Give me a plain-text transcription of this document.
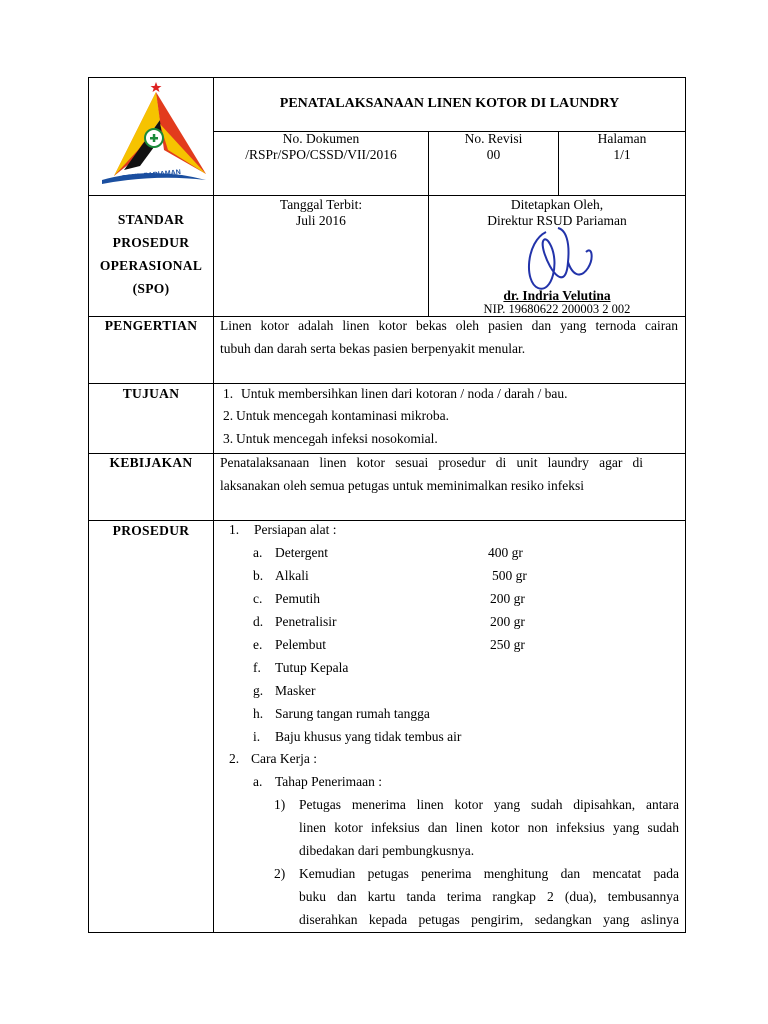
RSUD PARIAMAN
PENATALAKSANAAN LINEN KOTOR DI LAUNDRY
No. Dokumen
/RSPr/SPO/CSSD/VII/2016
No. Revisi
00
Halaman
1/1
STANDAR
PROSEDUR
OPERASIONAL
(SPO)
Tanggal Terbit:
Juli 2016
Ditetapkan Oleh,
Direktur RSUD Pariaman
dr. Indria Velutina
NIP. 19680622 200003 2 002
PENGERTIAN	Linen kotor adalah linen kotor bekas oleh pasien dan yang ternoda cairan
tubuh dan darah serta bekas pasien berpenyakit menular.
TUJUAN	1. Untuk membersihkan linen dari kotoran / noda / darah / bau.
2. Untuk mencegah kontaminasi mikroba.
3. Untuk mencegah infeksi nosokomial.
KEBIJAKAN	Penatalaksanaan linen kotor sesuai prosedur di unit laundry agar di
laksanakan oleh semua petugas untuk meminimalkan resiko infeksi
PROSEDUR	1. Persiapan alat :
a. Detergent	400 gr
b. Alkali	500 gr
c. Pemutih	200 gr
d. Penetralisir	200 gr
e. Pelembut	250 gr
f. Tutup Kepala
g. Masker
h. Sarung tangan rumah tangga
i. Baju khusus yang tidak tembus air
2. Cara Kerja :
a. Tahap Penerimaan :
1) Petugas menerima linen kotor yang sudah dipisahkan, antara
linen kotor infeksius dan linen kotor non infeksius yang sudah
dibedakan dari pembungkusnya.
2) Kemudian petugas penerima menghitung dan mencatat pada
buku dan kartu tanda terima rangkap 2 (dua), tembusannya
diserahkan kepada petugas pengirim, sedangkan yang aslinya
